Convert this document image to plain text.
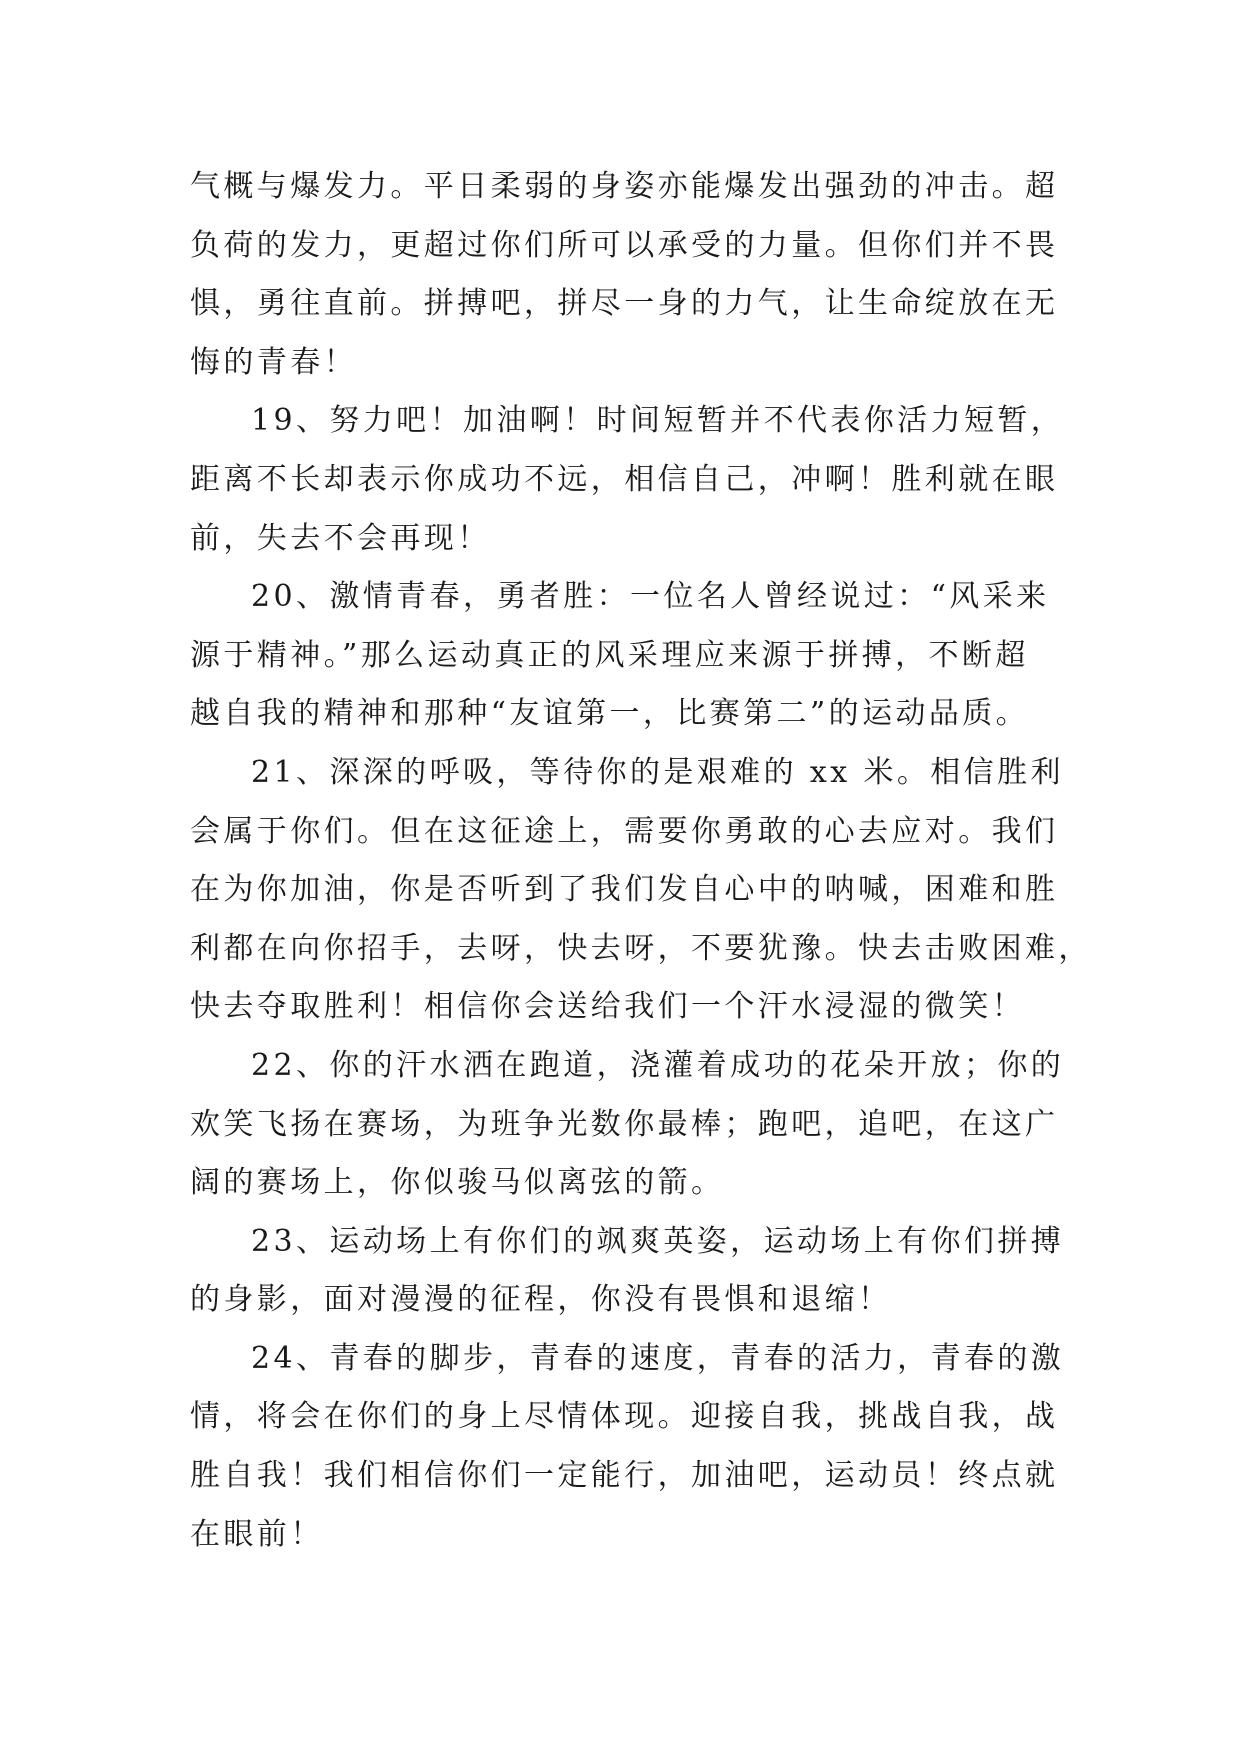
气概与爆发力。平日柔弱的身姿亦能爆发出强劲的冲击。超
负荷的发力，更超过你们所可以承受的力量。但你们并不畏
惧，勇往直前。拼搏吧，拼尽一身的力气，让生命绽放在无
悔的青春！
19、努力吧！加油啊！时间短暂并不代表你活力短暂，
距离不长却表示你成功不远，相信自己，冲啊！胜利就在眼
前，失去不会再现！
20、激情青春，勇者胜：一位名人曾经说过：“风采来
源于精神。”那么运动真正的风采理应来源于拼搏，不断超
越自我的精神和那种“友谊第一，比赛第二”的运动品质。
21、深深的呼吸，等待你的是艰难的 xx 米。相信胜利
会属于你们。但在这征途上，需要你勇敢的心去应对。我们
在为你加油，你是否听到了我们发自心中的呐喊，困难和胜
利都在向你招手，去呀，快去呀，不要犹豫。快去击败困难，
快去夺取胜利！相信你会送给我们一个汗水浸湿的微笑！
22、你的汗水洒在跑道，浇灌着成功的花朵开放；你的
欢笑飞扬在赛场，为班争光数你最棒；跑吧，追吧，在这广
阔的赛场上，你似骏马似离弦的箭。
23、运动场上有你们的飒爽英姿，运动场上有你们拼搏
的身影，面对漫漫的征程，你没有畏惧和退缩！
24、青春的脚步，青春的速度，青春的活力，青春的激
情，将会在你们的身上尽情体现。迎接自我，挑战自我，战
胜自我！我们相信你们一定能行，加油吧，运动员！终点就
在眼前！
